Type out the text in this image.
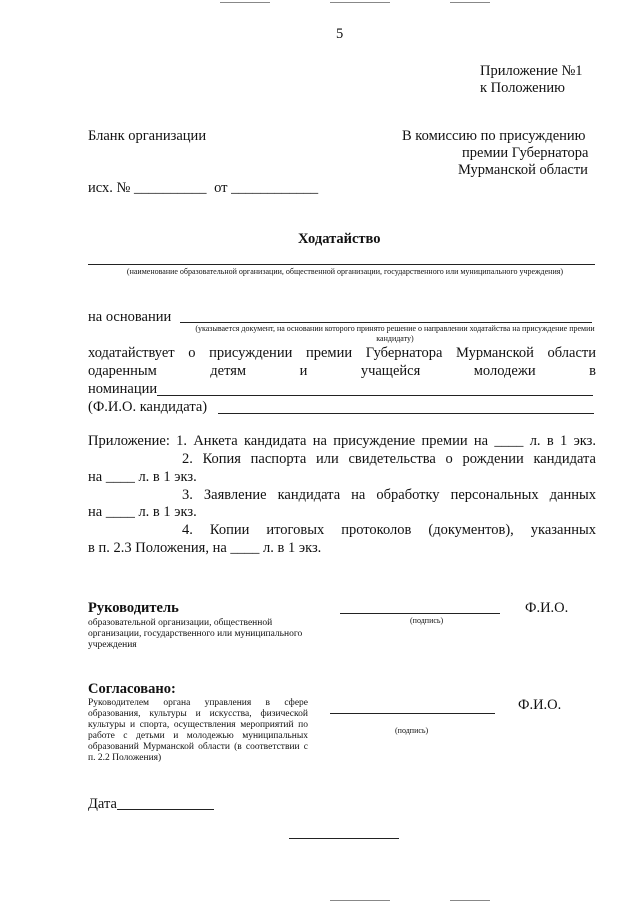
5
Приложение №1
к Положению
Бланк организации	В комиссию по присуждению
премии Губернатора
Мурманской области
исх. № __________ от ____________
Ходатайство
(наименование образовательной организации, общественной организации, государственного или муниципального учреждения)
на основании
(указывается документ, на основании которого принято решение о направлении ходатайства на присуждение премии кандидату)
ходатайствует о присуждении премии Губернатора Мурманской области
одаренным	детям	и	учащейся	молодежи	в
номинации
(Ф.И.О. кандидата)
Приложение: 1. Анкета кандидата на присуждение премии на ____ л. в 1 экз.
2. Копия паспорта или свидетельства о рождении кандидата
на ____ л. в 1 экз.
3. Заявление кандидата на обработку персональных данных
на ____ л. в 1 экз.
4. Копии итоговых протоколов (документов), указанных
в п. 2.3 Положения, на ____ л. в 1 экз.
Руководитель
образовательной организации, общественной организации, государственного или муниципального учреждения
(подпись)
Ф.И.О.
Согласовано:
Руководителем органа управления в сфере образования, культуры и искусства, физической культуры и спорта, осуществления мероприятий по работе с детьми и молодежью муниципальных образований Мурманской области (в соответствии с п. 2.2 Положения)
(подпись)
Ф.И.О.
Дата
